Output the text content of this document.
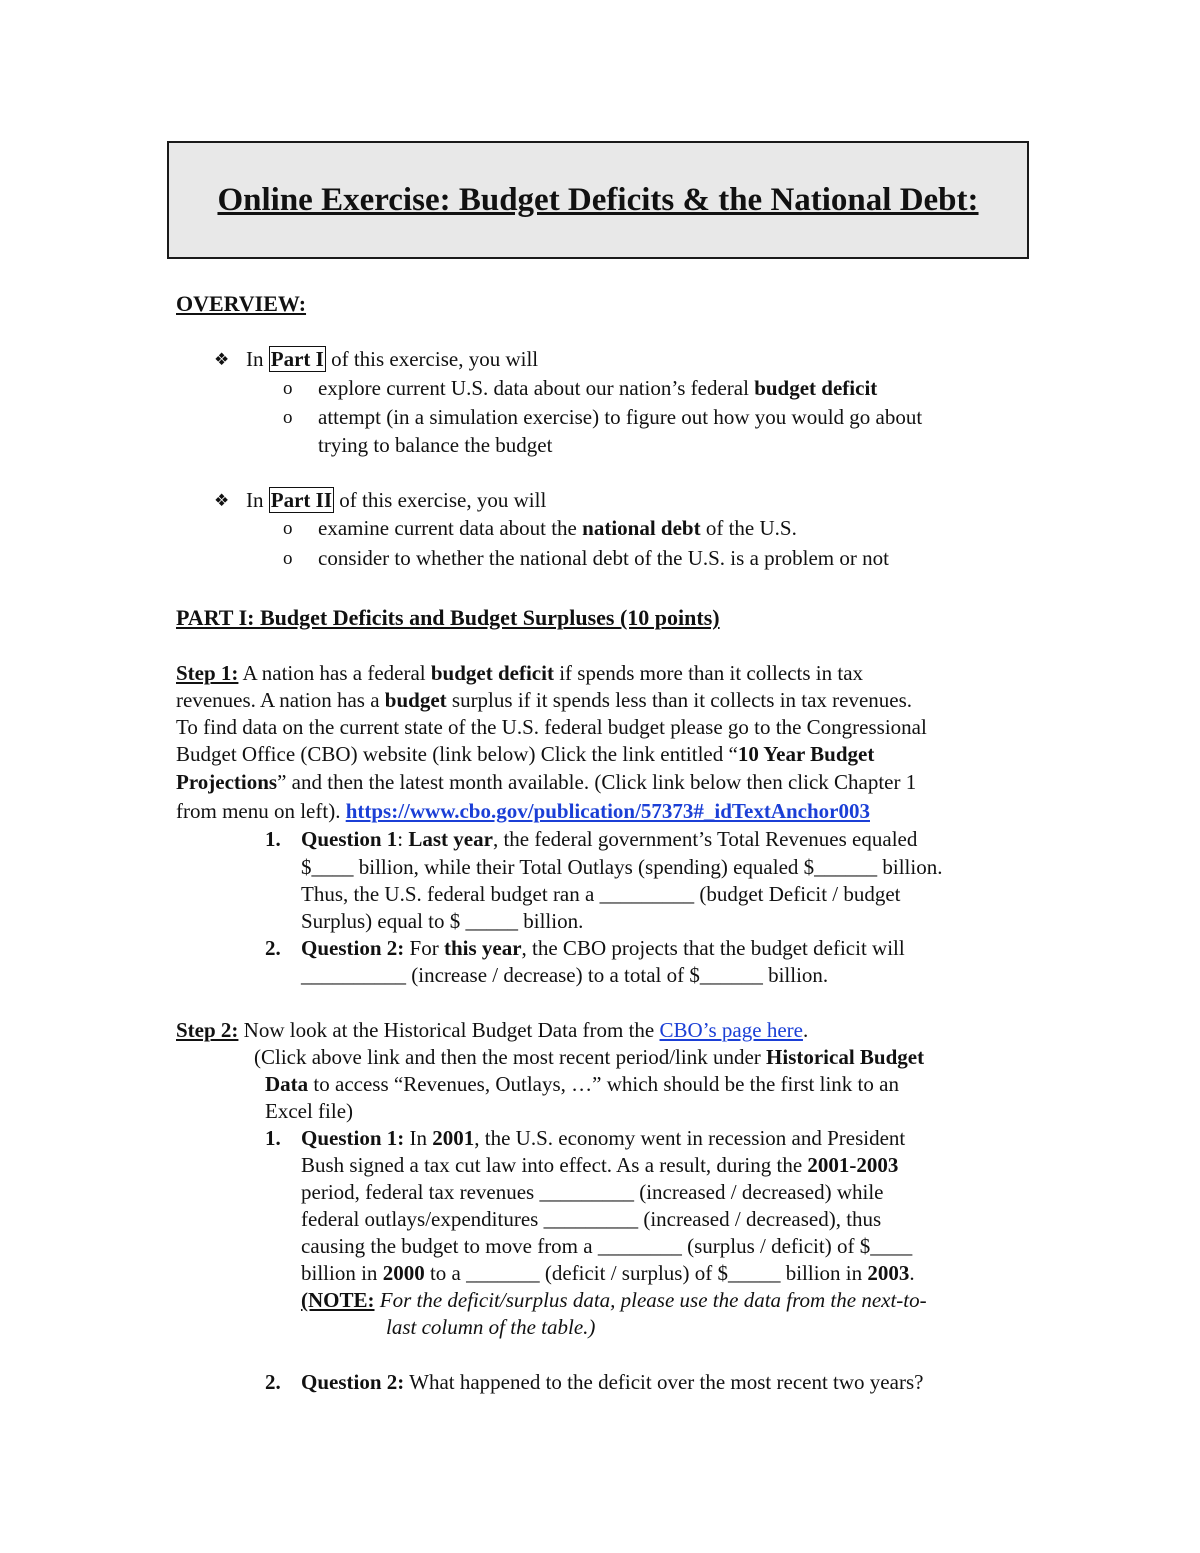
Online Exercise: Budget Deficits & the National Debt:
OVERVIEW:
❖ In Part I of this exercise, you will
o explore current U.S. data about our nation’s federal budget deficit
o attempt (in a simulation exercise) to figure out how you would go about
trying to balance the budget
❖ In Part II of this exercise, you will
o examine current data about the national debt of the U.S.
o consider to whether the national debt of the U.S. is a problem or not
PART I: Budget Deficits and Budget Surpluses (10 points)
Step 1: A nation has a federal budget deficit if spends more than it collects in tax
revenues. A nation has a budget surplus if it spends less than it collects in tax revenues.
To find data on the current state of the U.S. federal budget please go to the Congressional
Budget Office (CBO) website (link below) Click the link entitled “10 Year Budget
Projections” and then the latest month available. (Click link below then click Chapter 1
from menu on left). https://www.cbo.gov/publication/57373#_idTextAnchor003
1. Question 1: Last year, the federal government’s Total Revenues equaled
$____ billion, while their Total Outlays (spending) equaled $______ billion.
Thus, the U.S. federal budget ran a _________ (budget Deficit / budget
Surplus) equal to $ _____ billion.
2. Question 2: For this year, the CBO projects that the budget deficit will
__________ (increase / decrease) to a total of $______ billion.
Step 2: Now look at the Historical Budget Data from the CBO’s page here.
(Click above link and then the most recent period/link under Historical Budget
Data to access “Revenues, Outlays, …” which should be the first link to an
Excel file)
1. Question 1: In 2001, the U.S. economy went in recession and President
Bush signed a tax cut law into effect. As a result, during the 2001-2003
period, federal tax revenues _________ (increased / decreased) while
federal outlays/expenditures _________ (increased / decreased), thus
causing the budget to move from a ________ (surplus / deficit) of $____
billion in 2000 to a _______ (deficit / surplus) of $_____ billion in 2003.
(NOTE: For the deficit/surplus data, please use the data from the next-to-
last column of the table.)
2. Question 2: What happened to the deficit over the most recent two years?
